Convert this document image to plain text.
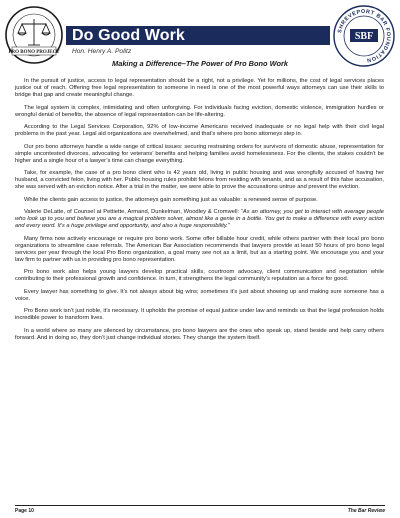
PRO BONO PROJECT
SHREVEPORT BAR FOUNDATION
SBF
Do Good Work
Hon. Henry A. Politz
Making a Difference–The Power of Pro Bono Work

In the pursuit of justice, access to legal representation should be a right, not a privilege. Yet for millions, the cost of legal services places justice out of reach. Offering free legal representation to someone in need is one of the most powerful ways attorneys can use their skills to bridge that gap and create meaningful change.

The legal system is complex, intimidating and often unforgiving. For individuals facing eviction, domestic violence, immigration hurdles or wrongful denial of benefits, the absence of legal representation can be life-altering.

According to the Legal Services Corporation, 92% of low-income Americans received inadequate or no legal help with their civil legal problems in the past year. Legal aid organizations are overwhelmed, and that’s where pro bono attorneys step in.

Our pro bono attorneys handle a wide range of critical issues: securing restraining orders for survivors of domestic abuse, representation for simple uncontested divorces, advocating for veterans’ benefits and helping families avoid homelessness. For the clients, the stakes couldn’t be higher and a single hour of a lawyer’s time can change everything.

Take, for example, the case of a pro bono client who is 42 years old, living in public housing and was wrongfully accused of having her husband, a convicted felon, living with her. Public housing rules prohibit felons from residing with tenants, and as a result of this false accusation, she was served with an eviction notice. After a trial in the matter, we were able to prove the accusations untrue and prevent the eviction.

While the clients gain access to justice, the attorneys gain something just as valuable: a renewed sense of purpose.

Valerie DeLatte, of Counsel at Pettiette, Armand, Dunkelman, Woodley & Cromwell: “As an attorney, you get to interact with average people who look up to you and believe you are a magical problem solver, almost like a genie in a bottle. You get to make a difference with every action and every word. It’s a huge privilege and opportunity, and also a huge responsibility.”

Many firms now actively encourage or require pro bono work. Some offer billable hour credit, while others partner with their local pro bono organizations to streamline case referrals. The American Bar Association recommends that lawyers provide at least 50 hours of pro bono legal services per year through the local Pro Bono organization, a goal many see not as a limit, but as a starting point. We encourage you and your law firm to partner with us in providing pro bono representation.

Pro bono work also helps young lawyers develop practical skills, courtroom advocacy, client communication and negotiation while contributing to their professional growth and confidence. In turn, it strengthens the legal community’s reputation as a force for good.

Every lawyer has something to give. It’s not always about big wins; sometimes it’s just about showing up and making sure someone has a voice.

Pro Bono work isn’t just noble, it’s necessary. It upholds the promise of equal justice under law and reminds us that the legal profession holds incredible power to transform lives.

In a world where so many are silenced by circumstance, pro bono lawyers are the ones who speak up, stand beside and help carry others forward. And in doing so, they don’t just change individual stories. They change the system itself.

Page 10	The Bar Review
